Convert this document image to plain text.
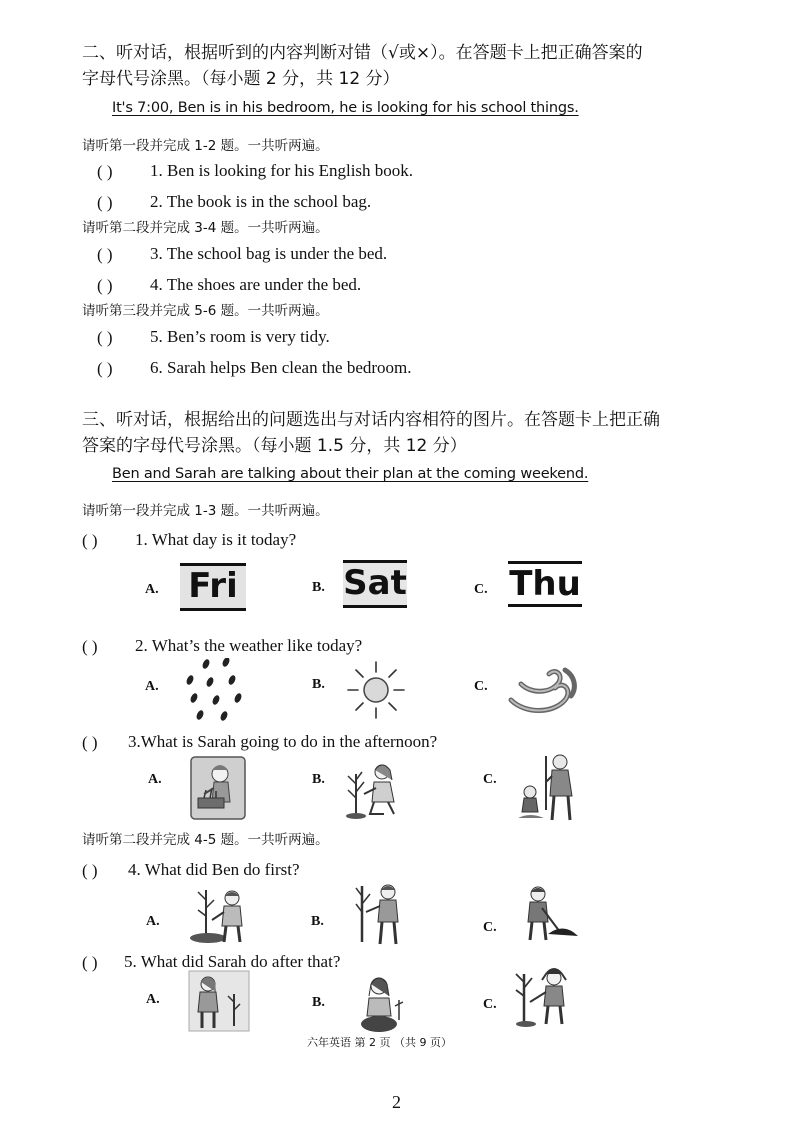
二、听对话，根据听到的内容判断对错（√或×）。在答题卡上把正确答案的
字母代号涂黑。（每小题 2 分，共 12 分）
It's 7:00, Ben is in his bedroom, he is looking for his school things.
请听第一段并完成 1-2 题。一共听两遍。
( ) 1. Ben is looking for his English book.
( ) 2. The book is in the school bag.
请听第二段并完成 3-4 题。一共听两遍。
( ) 3. The school bag is under the bed.
( ) 4. The shoes are under the bed.
请听第三段并完成 5-6 题。一共听两遍。
( ) 5. Ben’s room is very tidy.
( ) 6. Sarah helps Ben clean the bedroom.
三、听对话，根据给出的问题选出与对话内容相符的图片。在答题卡上把正确
答案的字母代号涂黑。（每小题 1.5 分，共 12 分）
Ben and Sarah are talking about their plan at the coming weekend.
请听第一段并完成 1-3 题。一共听两遍。
( ) 1. What day is it today?
A.	B.	C.
Fri	Sat	Thu
( ) 2. What’s the weather like today?
A.	B.	C.
( ) 3.What is Sarah going to do in the afternoon?
A.	B.	C.
请听第二段并完成 4-5 题。一共听两遍。
( ) 4. What did Ben do first?
A.	B.	C.
( ) 5. What did Sarah do after that?
A.	B.	C.
六年英语 第 2 页 （共 9 页）
2
